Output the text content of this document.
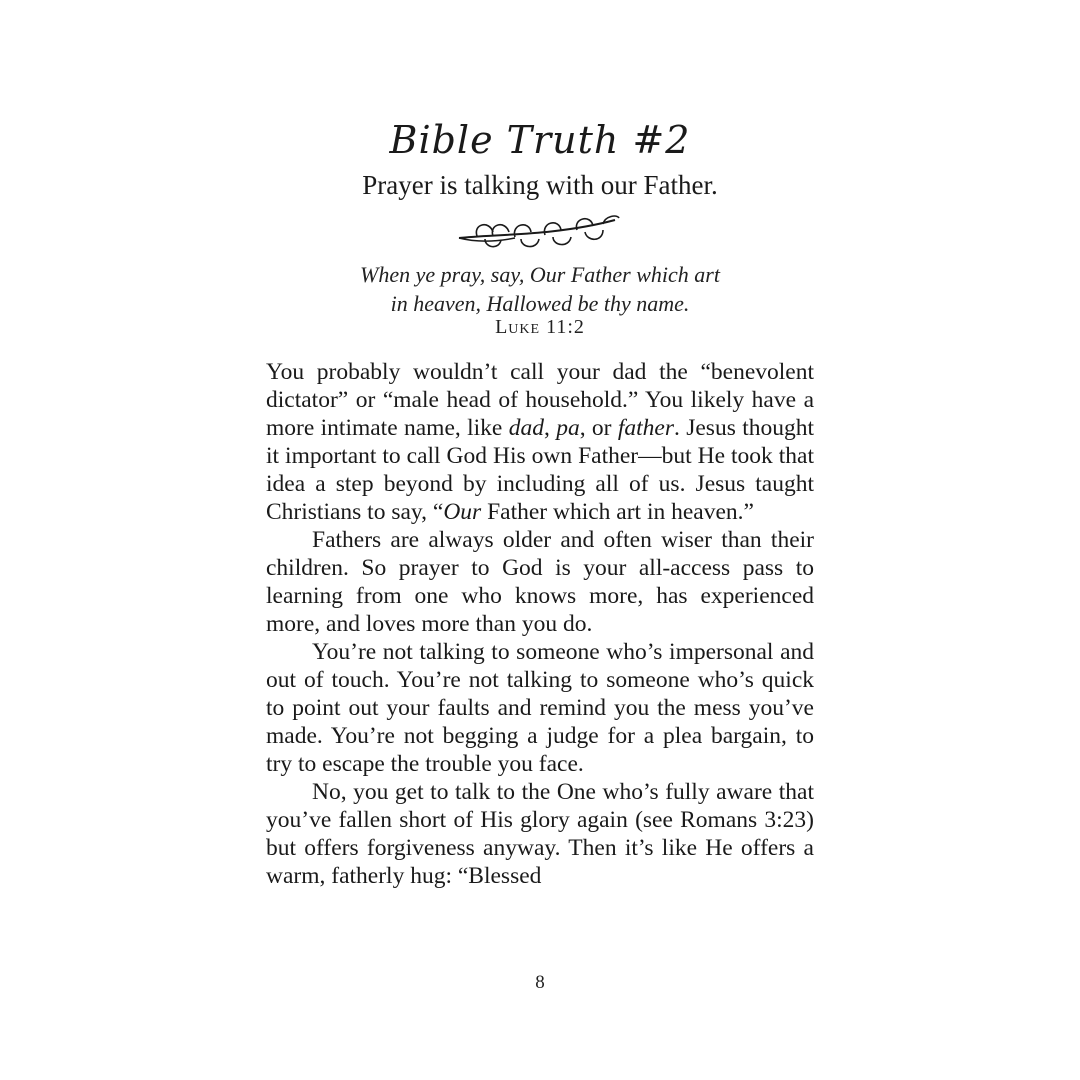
Bible Truth #2
Prayer is talking with our Father.
When ye pray, say, Our Father which art
in heaven, Hallowed be thy name.
Luke 11:2

You probably wouldn’t call your dad the “benevolent dictator” or “male head of household.” You likely have a more intimate name, like dad, pa, or father. Jesus thought it important to call God His own Father—but He took that idea a step beyond by including all of us. Jesus taught Christians to say, “Our Father which art in heaven.”

Fathers are always older and often wiser than their children. So prayer to God is your all-access pass to learning from one who knows more, has experienced more, and loves more than you do.

You’re not talking to someone who’s impersonal and out of touch. You’re not talking to someone who’s quick to point out your faults and remind you the mess you’ve made. You’re not begging a judge for a plea bargain, to try to escape the trouble you face.

No, you get to talk to the One who’s fully aware that you’ve fallen short of His glory again (see Romans 3:23) but offers forgiveness anyway. Then it’s like He offers a warm, fatherly hug: “Blessed

8
